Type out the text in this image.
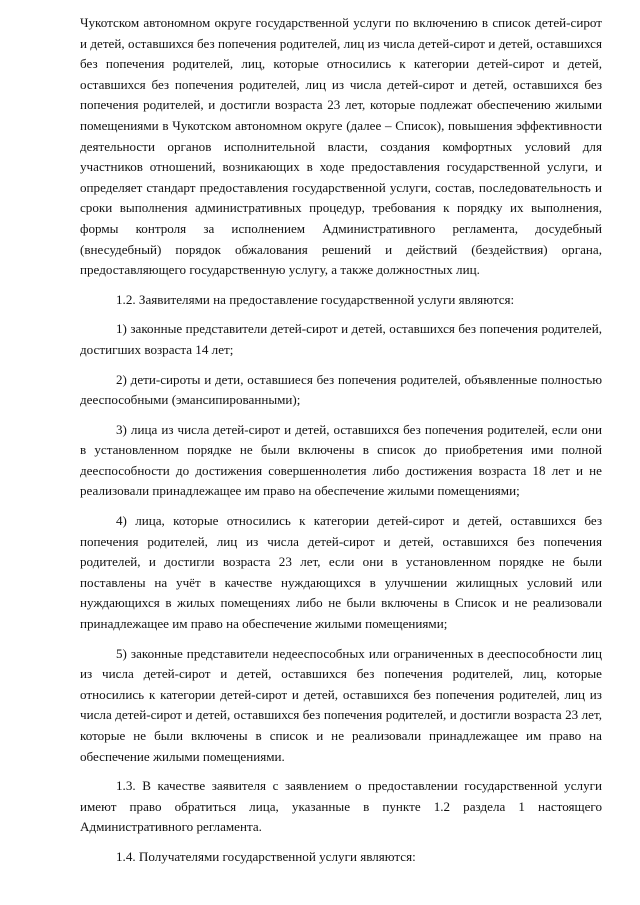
Чукотском автономном округе государственной услуги по включению в список детей-сирот и детей, оставшихся без попечения родителей, лиц из числа детей-сирот и детей, оставшихся без попечения родителей, лиц, которые относились к категории детей-сирот и детей, оставшихся без попечения родителей, лиц из числа детей-сирот и детей, оставшихся без попечения родителей, и достигли возраста 23 лет, которые подлежат обеспечению жилыми помещениями в Чукотском автономном округе (далее – Список), повышения эффективности деятельности органов исполнительной власти, создания комфортных условий для участников отношений, возникающих в ходе предоставления государственной услуги, и определяет стандарт предоставления государственной услуги, состав, последовательность и сроки выполнения административных процедур, требования к порядку их выполнения, формы контроля за исполнением Административного регламента, досудебный (внесудебный) порядок обжалования решений и действий (бездействия) органа, предоставляющего государственную услугу, а также должностных лиц.

1.2. Заявителями на предоставление государственной услуги являются:

1) законные представители детей-сирот и детей, оставшихся без попечения родителей, достигших возраста 14 лет;

2) дети-сироты и дети, оставшиеся без попечения родителей, объявленные полностью дееспособными (эмансипированными);

3) лица из числа детей-сирот и детей, оставшихся без попечения родителей, если они в установленном порядке не были включены в список до приобретения ими полной дееспособности до достижения совершеннолетия либо достижения возраста 18 лет и не реализовали принадлежащее им право на обеспечение жилыми помещениями;

4) лица, которые относились к категории детей-сирот и детей, оставшихся без попечения родителей, лиц из числа детей-сирот и детей, оставшихся без попечения родителей, и достигли возраста 23 лет, если они в установленном порядке не были поставлены на учёт в качестве нуждающихся в улучшении жилищных условий или нуждающихся в жилых помещениях либо не были включены в Список и не реализовали принадлежащее им право на обеспечение жилыми помещениями;

5) законные представители недееспособных или ограниченных в дееспособности лиц из числа детей-сирот и детей, оставшихся без попечения родителей, лиц, которые относились к категории детей-сирот и детей, оставшихся без попечения родителей, лиц из числа детей-сирот и детей, оставшихся без попечения родителей, и достигли возраста 23 лет, которые не были включены в список и не реализовали принадлежащее им право на обеспечение жилыми помещениями.

1.3. В качестве заявителя с заявлением о предоставлении государственной услуги имеют право обратиться лица, указанные в пункте 1.2 раздела 1 настоящего Административного регламента.

1.4. Получателями государственной услуги являются:
